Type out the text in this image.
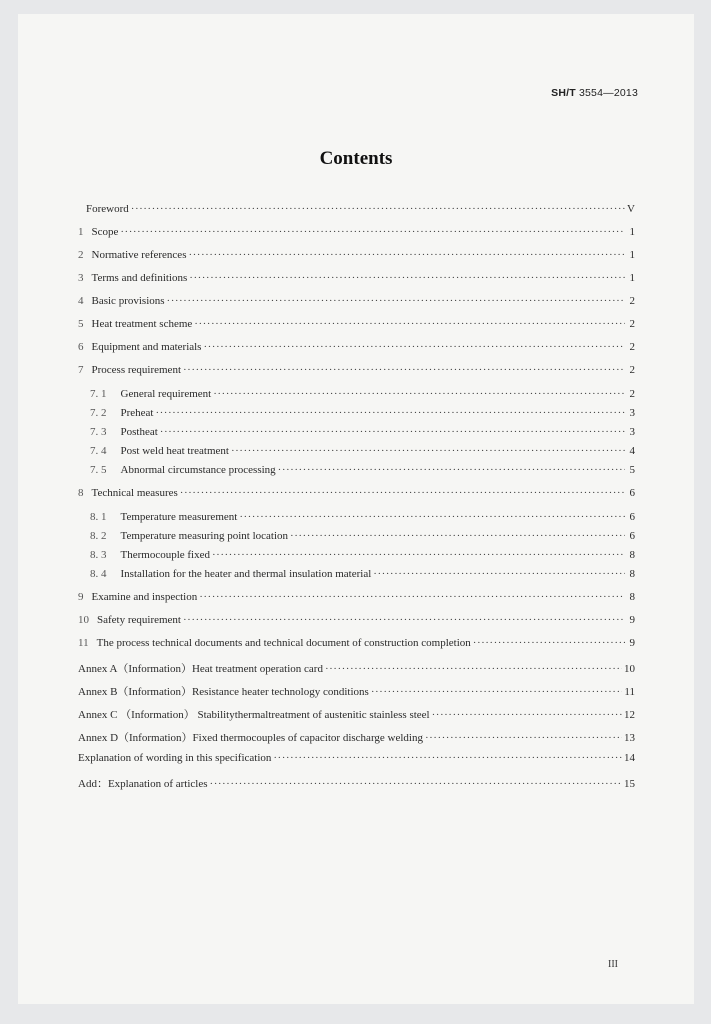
SH/T 3554—2013
Contents
Foreword ·····	V
1 Scope ·····	1
2 Normative references ·····	1
3 Terms and definitions ·····	1
4 Basic provisions ·····	2
5 Heat treatment scheme ·····	2
6 Equipment and materials ·····	2
7 Process requirement ·····	2
7. 1 General requirement ·····	2
7. 2 Preheat ·····	3
7. 3 Postheat ·····	3
7. 4 Post weld heat treatment ·····	4
7. 5 Abnormal circumstance processing ·····	5
8 Technical measures ·····	6
8. 1 Temperature measurement ·····	6
8. 2 Temperature measuring point location ·····	6
8. 3 Thermocouple fixed ·····	8
8. 4 Installation for the heater and thermal insulation material ·····	8
9 Examine and inspection ·····	8
10 Safety requirement ·····	9
11 The process technical documents and technical document of construction completion ·····	9
Annex A（Information）Heat treatment operation card ·····	10
Annex B（Information）Resistance heater technology conditions ·····	11
Annex C （Information） Stabilitythermaltreatment of austenitic stainless steel ·····	12
Annex D（Information）Fixed thermocouples of capacitor discharge welding ·····	13
Explanation of wording in this specification ·····	14
Add：Explanation of articles ·····	15
III
